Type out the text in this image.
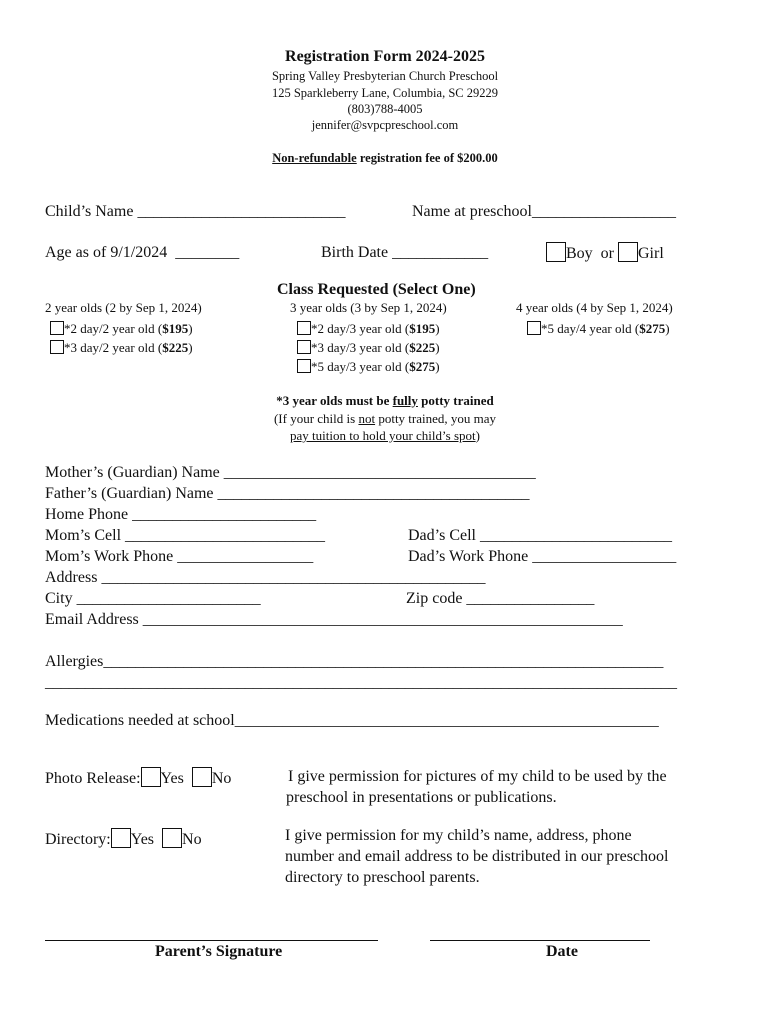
Registration Form 2024-2025
Spring Valley Presbyterian Church Preschool
125 Sparkleberry Lane, Columbia, SC 29229
(803)788-4005
jennifer@svpcpreschool.com
Non-refundable registration fee of $200.00
Child’s Name __________________________	Name at preschool__________________
Age as of 9/1/2024 ________	Birth Date ____________	Boy or Girl
Class Requested (Select One)
2 year olds (2 by Sep 1, 2024)
*2 day/2 year old ($195)
*3 day/2 year old ($225)
3 year olds (3 by Sep 1, 2024)
*2 day/3 year old ($195)
*3 day/3 year old ($225)
*5 day/3 year old ($275)
4 year olds (4 by Sep 1, 2024)
*5 day/4 year old ($275)
*3 year olds must be fully potty trained
(If your child is not potty trained, you may
pay tuition to hold your child’s spot)
Mother’s (Guardian) Name _______________________________________
Father’s (Guardian) Name _______________________________________
Home Phone _______________________
Mom’s Cell _________________________	Dad’s Cell ________________________
Mom’s Work Phone _________________	Dad’s Work Phone __________________
Address ________________________________________________
City _______________________	Zip code ________________
Email Address ____________________________________________________________
Allergies______________________________________________________________________
_______________________________________________________________________________
Medications needed at school_____________________________________________________
Photo Release: Yes No	I give permission for pictures of my child to be used by the
preschool in presentations or publications.
Directory: Yes No	I give permission for my child’s name, address, phone
number and email address to be distributed in our preschool
directory to preschool parents.
Parent’s Signature	Date
